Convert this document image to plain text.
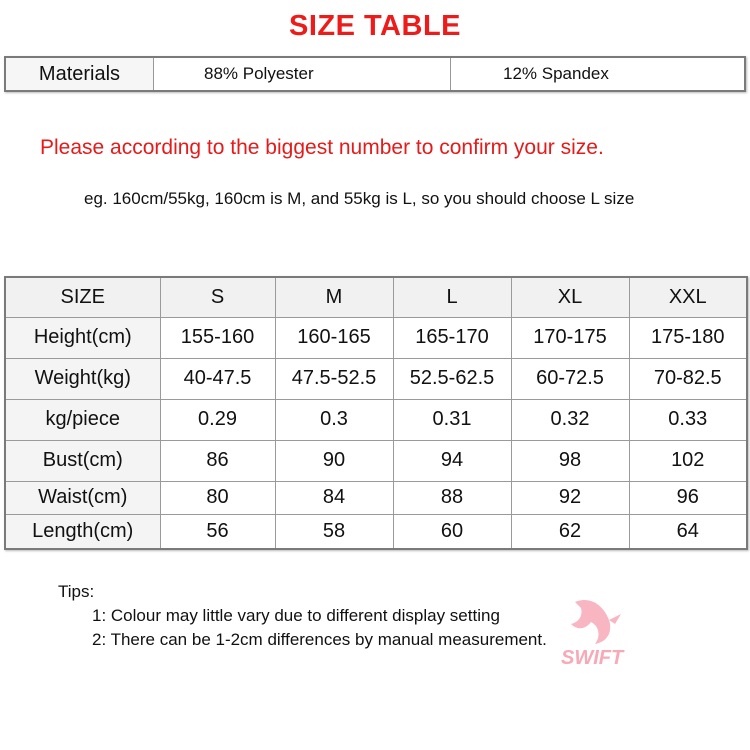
SIZE TABLE
Materials	88% Polyester	12% Spandex
Please according to the biggest number to confirm your size.
eg. 160cm/55kg, 160cm is M, and 55kg is L, so you should choose L size
SIZE	S	M	L	XL	XXL
Height(cm)	155-160	160-165	165-170	170-175	175-180
Weight(kg)	40-47.5	47.5-52.5	52.5-62.5	60-72.5	70-82.5
kg/piece	0.29	0.3	0.31	0.32	0.33
Bust(cm)	86	90	94	98	102
Waist(cm)	80	84	88	92	96
Length(cm)	56	58	60	62	64
Tips:
1: Colour may little vary due to different display setting
2: There can be 1-2cm differences by manual measurement.
SWIFT
